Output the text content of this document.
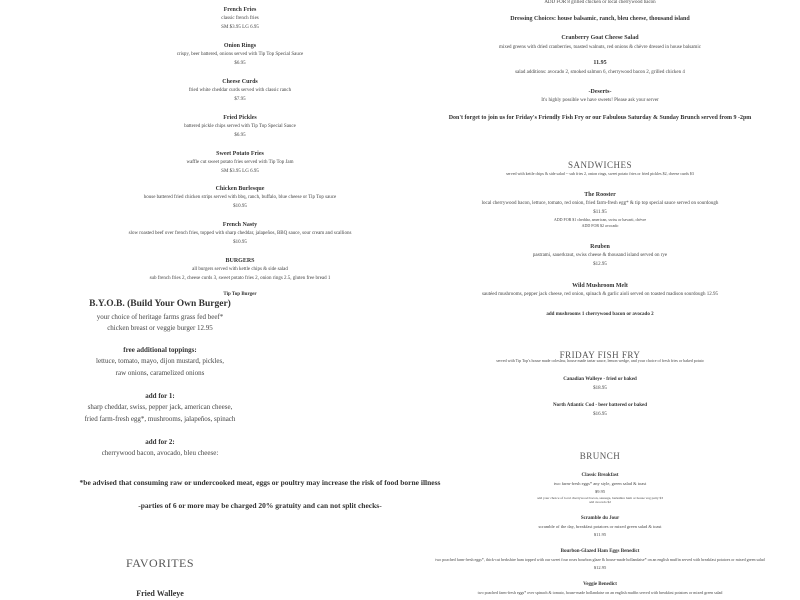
French Fries
classic french fries
SM $3.95 LG 6.95
Onion Rings
crispy, beer battered, onions served with Tip Top Special Sauce
$6.95
Cheese Curds
fried white cheddar curds served with classic ranch
$7.95
Fried Pickles
battered pickle chips served with Tip Top Special Sauce
$6.95
Sweet Potato Fries
waffle cut sweet potato fries served with Tip Top Jam
SM $3.95 LG 6.95
Chicken Burlesque
house battered fried chicken strips served with bbq, ranch, buffalo, blue cheese or Tip Top sauce
$10.95
French Nasty
slow roasted beef over french fries, topped with sharp cheddar, jalapeños, BBQ sauce, sour cream and scallions
$10.95
BURGERS
all burgers served with kettle chips & side salad
sub french fries 2, cheese curds 3, sweet potato fries 2, onion rings 2.5, gluten free bread 1
Tip Top Burger
B.Y.O.B. (Build Your Own Burger)
your choice of heritage farms grass fed beef*
chicken breast or veggie burger 12.95
free additional toppings:
lettuce, tomato, mayo, dijon mustard, pickles,
raw onions, caramelized onions
add for 1:
sharp cheddar, swiss, pepper jack, american cheese,
fried farm-fresh egg*, mushrooms, jalapeños, spinach
add for 2:
cherrywood bacon, avocado, bleu cheese:
*be advised that consuming raw or undercooked meat, eggs or poultry may increase the risk of food borne illness
-parties of 6 or more may be charged 20% gratuity and can not split checks-
FAVORITES
Fried Walleye
ADD FOR 8 grilled chicken or local cherrywood bacon
Dressing Choices: house balsamic, ranch, bleu cheese, thousand island
Cranberry Goat Cheese Salad
mixed greens with dried cranberries, toasted walnuts, red onions & chèvre dressed in house balsamic
11.95
salad additions: avocado 2, smoked salmon 6, cherrywood bacon 2, grilled chicken 4
-Deserts-
It's highly possible we have sweets! Please ask your server
Don't forget to join us for Friday's Friendly Fish Fry or our Fabulous Saturday & Sunday Brunch served from 9 -2pm
SANDWICHES
served with kettle chips & side salad -- sub fries 2, onion rings, sweet potato fries or fried pickles $2, cheese curds $3
The Rooster
local cherrywood bacon, lettuce, tomato, red onion, fried farm-fresh egg* & tip top special sauce served on sourdough
$11.95
ADD FOR $1 cheddar, american, swiss or havarti, chèvre
ADD FOR $2 avocado
Reuben
pastrami, sauerkraut, swiss cheese & thousand island served on rye
$12.95
Wild Mushroom Melt
sautéed mushrooms, pepper jack cheese, red onion, spinach & garlic aioli served on toasted madison sourdough 12.95
add mushrooms 1 cherrywood bacon or avocado 2
FRIDAY FISH FRY
served with Tip Top's house made coleslaw, house made tartar sauce, lemon wedge, and your choice of fresh fries or baked potato
Canadian Walleye - fried or baked
$18.95
North Atlantic Cod - beer battered or baked
$16.95
BRUNCH
Classic Breakfast
two farm-fresh eggs* any style, green salad & toast
$9.95
add your choice of local cherrywood bacon, sausage, berkshire ham or house veg patty $3
add avocado $2
Scramble du Jour
scramble of the day, breakfast potatoes or mixed green salad & toast
$11.95
Bourbon-Glazed Ham Eggs Benedict
two poached farm-fresh eggs*, thick-cut berkshire ham topped with our sweet four roses bourbon glaze & house-made hollandaise* on an english muffin served with breakfast potatoes or mixed green salad
$12.95
Veggie Benedict
two poached farm-fresh eggs* over spinach & tomato, house-made hollandaise on an english muffin served with breakfast potatoes or mixed green salad
